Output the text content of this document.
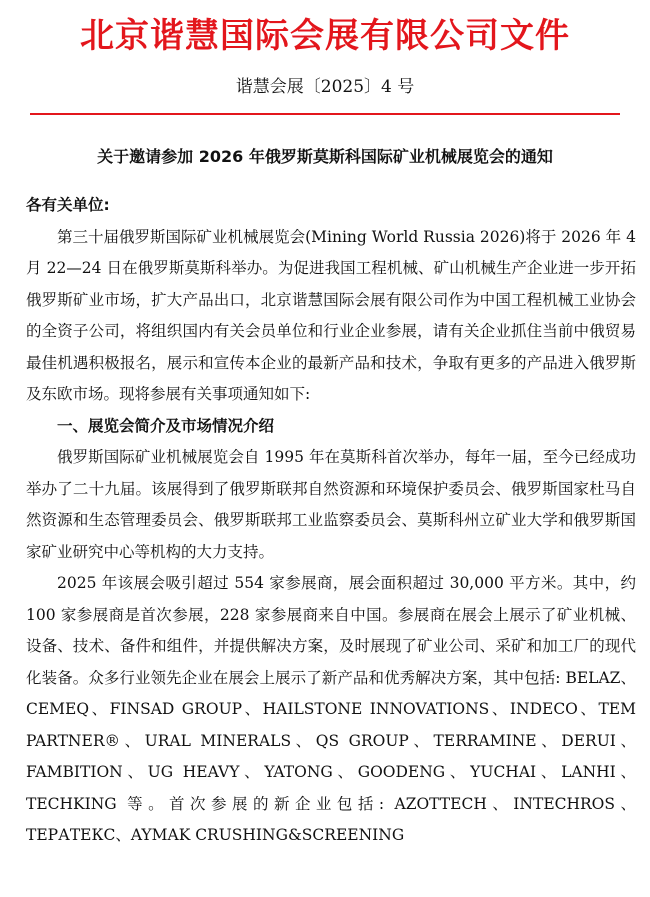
北京谐慧国际会展有限公司文件
谐慧会展〔2025〕4 号
关于邀请参加 2026 年俄罗斯莫斯科国际矿业机械展览会的通知

各有关单位:

第三十届俄罗斯国际矿业机械展览会(Mining World Russia 2026)将于 2026 年 4 月 22—24 日在俄罗斯莫斯科举办。为促进我国工程机械、矿山机械生产企业进一步开拓俄罗斯矿业市场，扩大产品出口，北京谐慧国际会展有限公司作为中国工程机械工业协会的全资子公司，将组织国内有关会员单位和行业企业参展，请有关企业抓住当前中俄贸易最佳机遇积极报名，展示和宣传本企业的最新产品和技术，争取有更多的产品进入俄罗斯及东欧市场。现将参展有关事项通知如下:

一、展览会简介及市场情况介绍

俄罗斯国际矿业机械展览会自 1995 年在莫斯科首次举办，每年一届，至今已经成功举办了二十九届。该展得到了俄罗斯联邦自然资源和环境保护委员会、俄罗斯国家杜马自然资源和生态管理委员会、俄罗斯联邦工业监察委员会、莫斯科州立矿业大学和俄罗斯国家矿业研究中心等机构的大力支持。

2025 年该展会吸引超过 554 家参展商，展会面积超过 30,000 平方米。其中，约 100 家参展商是首次参展，228 家参展商来自中国。参展商在展会上展示了矿业机械、设备、技术、备件和组件，并提供解决方案，及时展现了矿业公司、采矿和加工厂的现代化装备。众多行业领先企业在展会上展示了新产品和优秀解决方案，其中包括: BELAZ、CEMEQ、FINSAD GROUP、HAILSTONE INNOVATIONS、INDECO、TEM PARTNER®、URAL MINERALS、QS GROUP、TERRAMINE、DERUI、FAMBITION、UG HEAVY、YATONG、GOODENG、YUCHAI、LANHI、TECHKING 等。首次参展的新企业包括: AZOTTECH、INTECHROS、ТЕРАТЕКС、AYMAK CRUSHING&SCREENING
